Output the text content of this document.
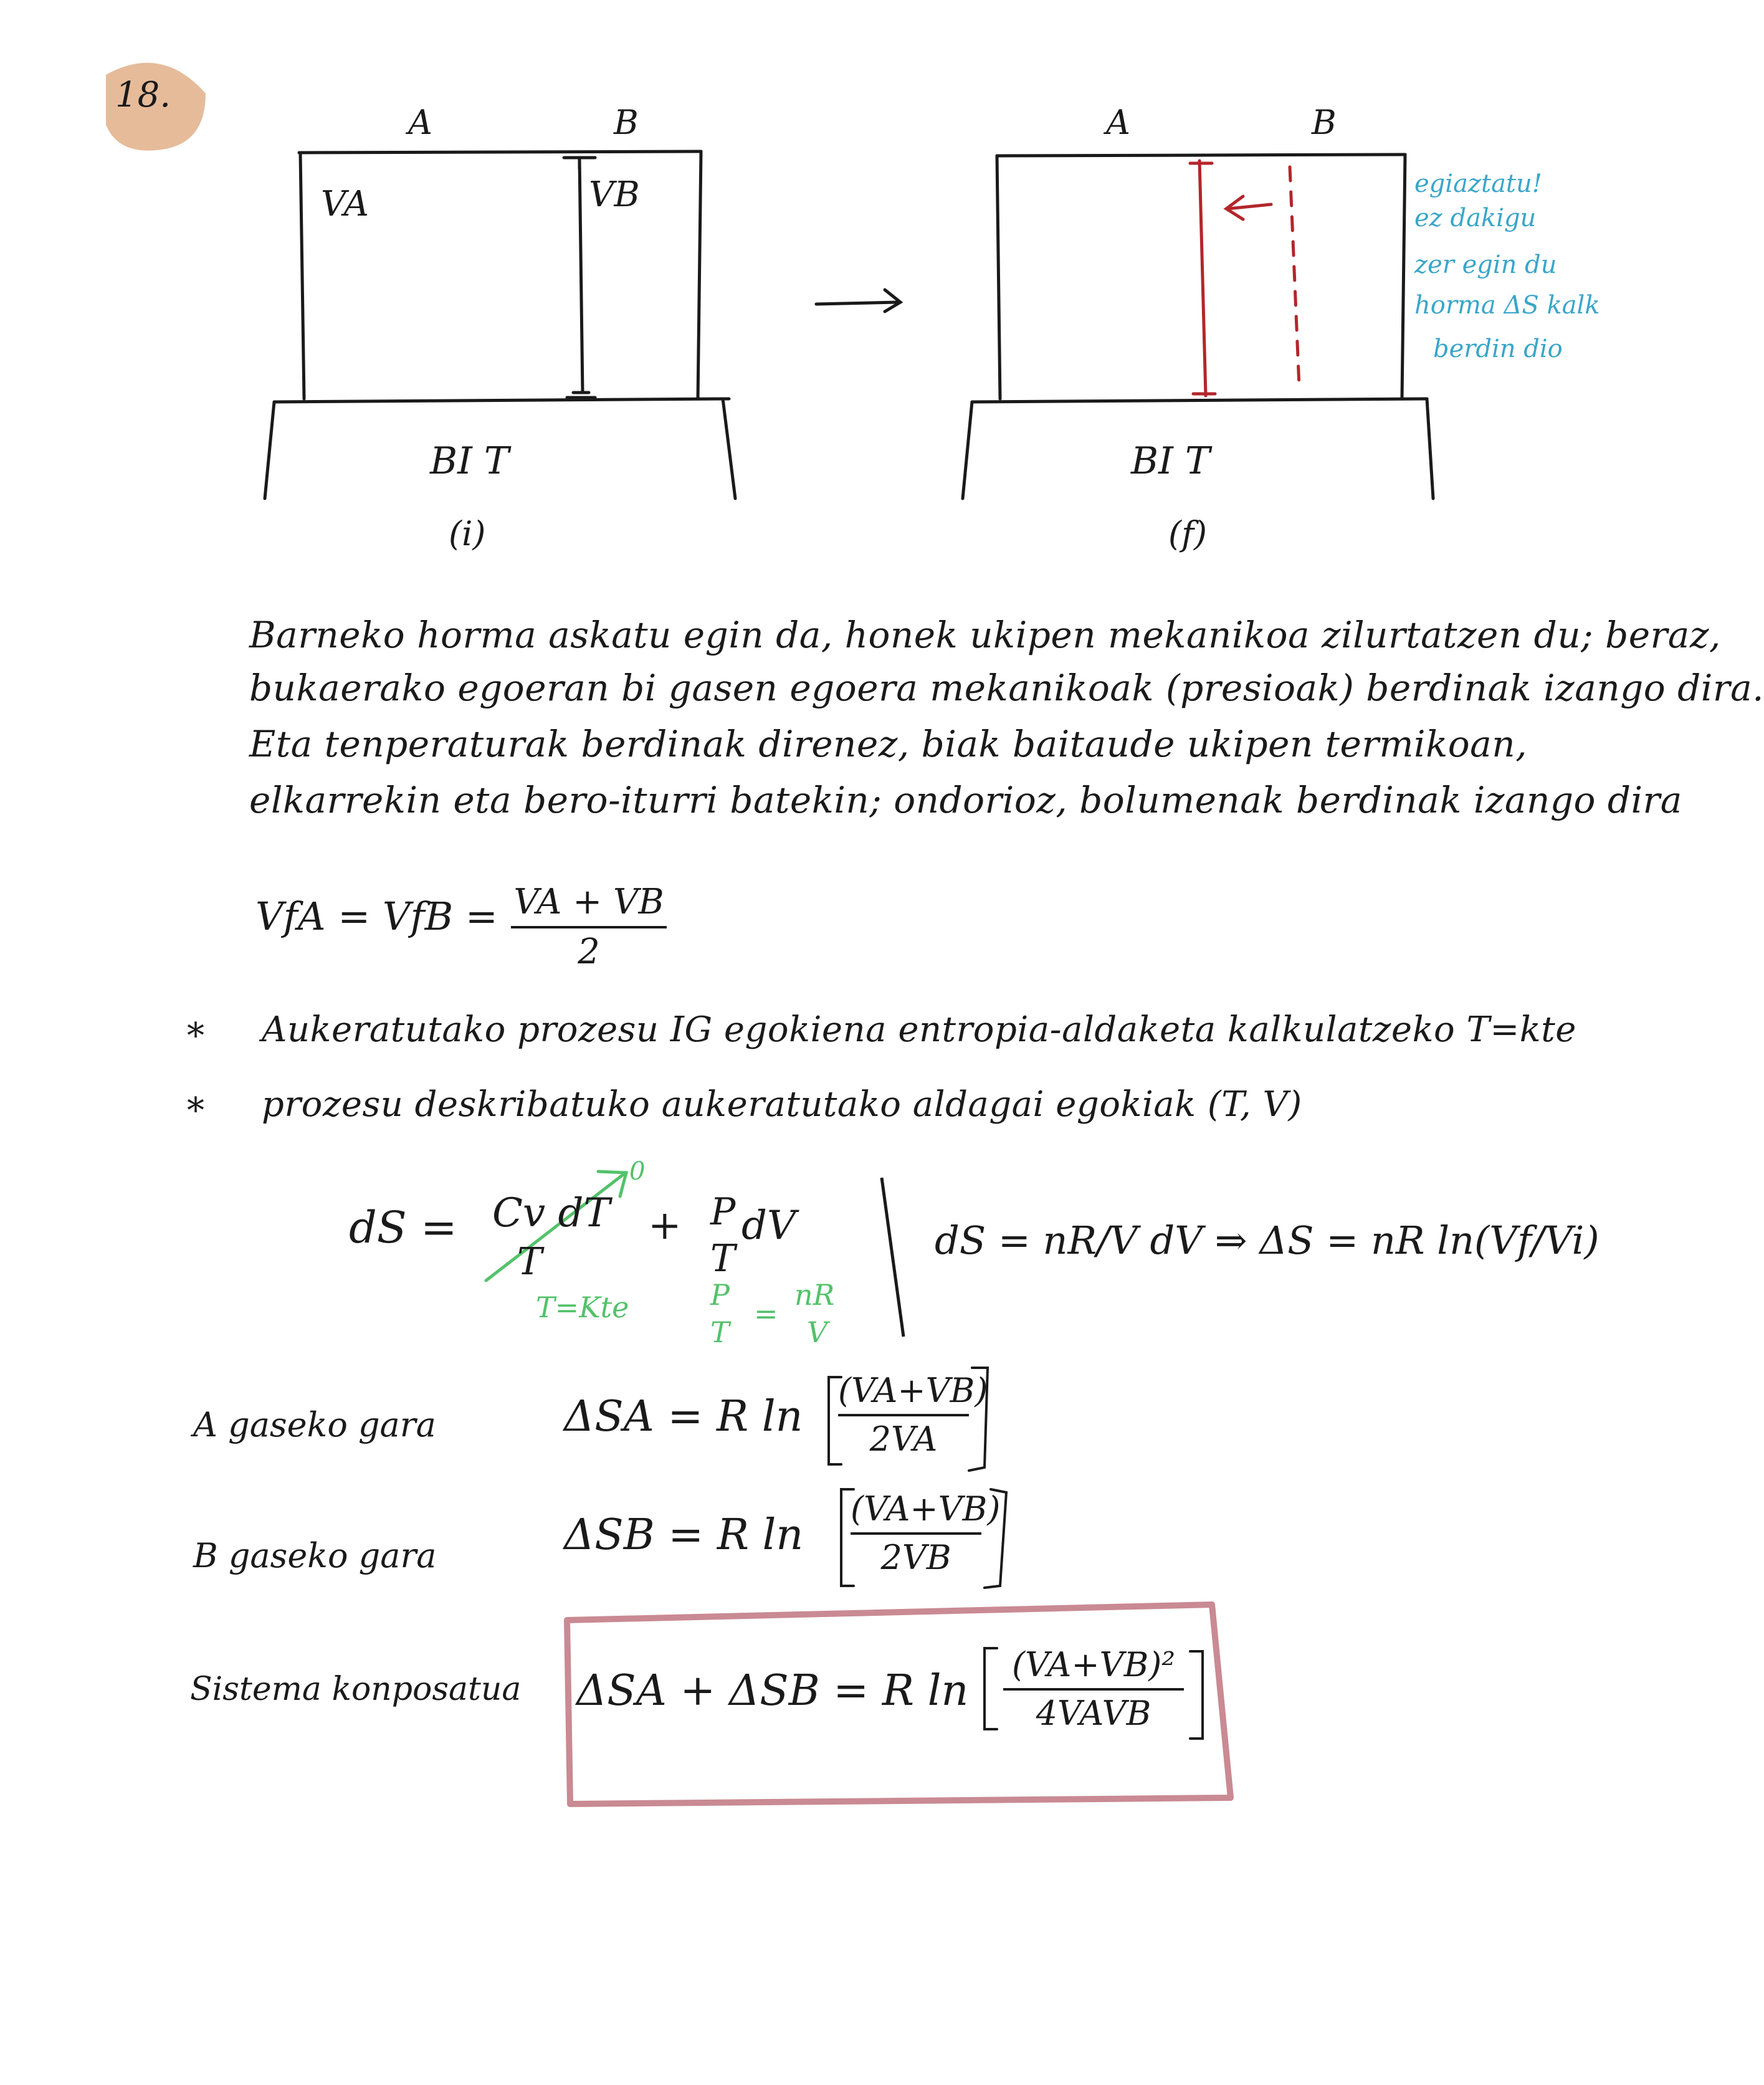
18.
A	B
VA	VB
BI T
(i)
A	B
BI T
(f)
egiaztatu!
ez dakigu
zer egin du
horma ΔS kalk
berdin dio
Barneko horma askatu egin da, honek ukipen mekanikoa zilurtatzen du; beraz,
bukaerako egoeran bi gasen egoera mekanikoak (presioak) berdinak izango dira.
Eta tenperaturak berdinak direnez, biak baitaude ukipen termikoan,
elkarrekin eta bero-iturri batekin; ondorioz, bolumenak berdinak izango dira
VfA = VfB = VA + VB
2
* Aukeratutako prozesu IG egokiena entropia-aldaketa kalkulatzeko T=kte
* prozesu deskribatuko aukeratutako aldagai egokiak (T, V)
dS = Cv dT
T
+ P
T
dV
0
T=Kte	P
T
=
nR
V
dS = nR/V dV ⇒ ΔS = nR ln(Vf/Vi)
A gaseko gara	ΔSA = R ln
(VA+VB)
2VA
B gaseko gara	ΔSB = R ln
(VA+VB)
2VB
Sistema konposatua ΔSA + ΔSB = R ln
(VA+VB)²
4VAVB
